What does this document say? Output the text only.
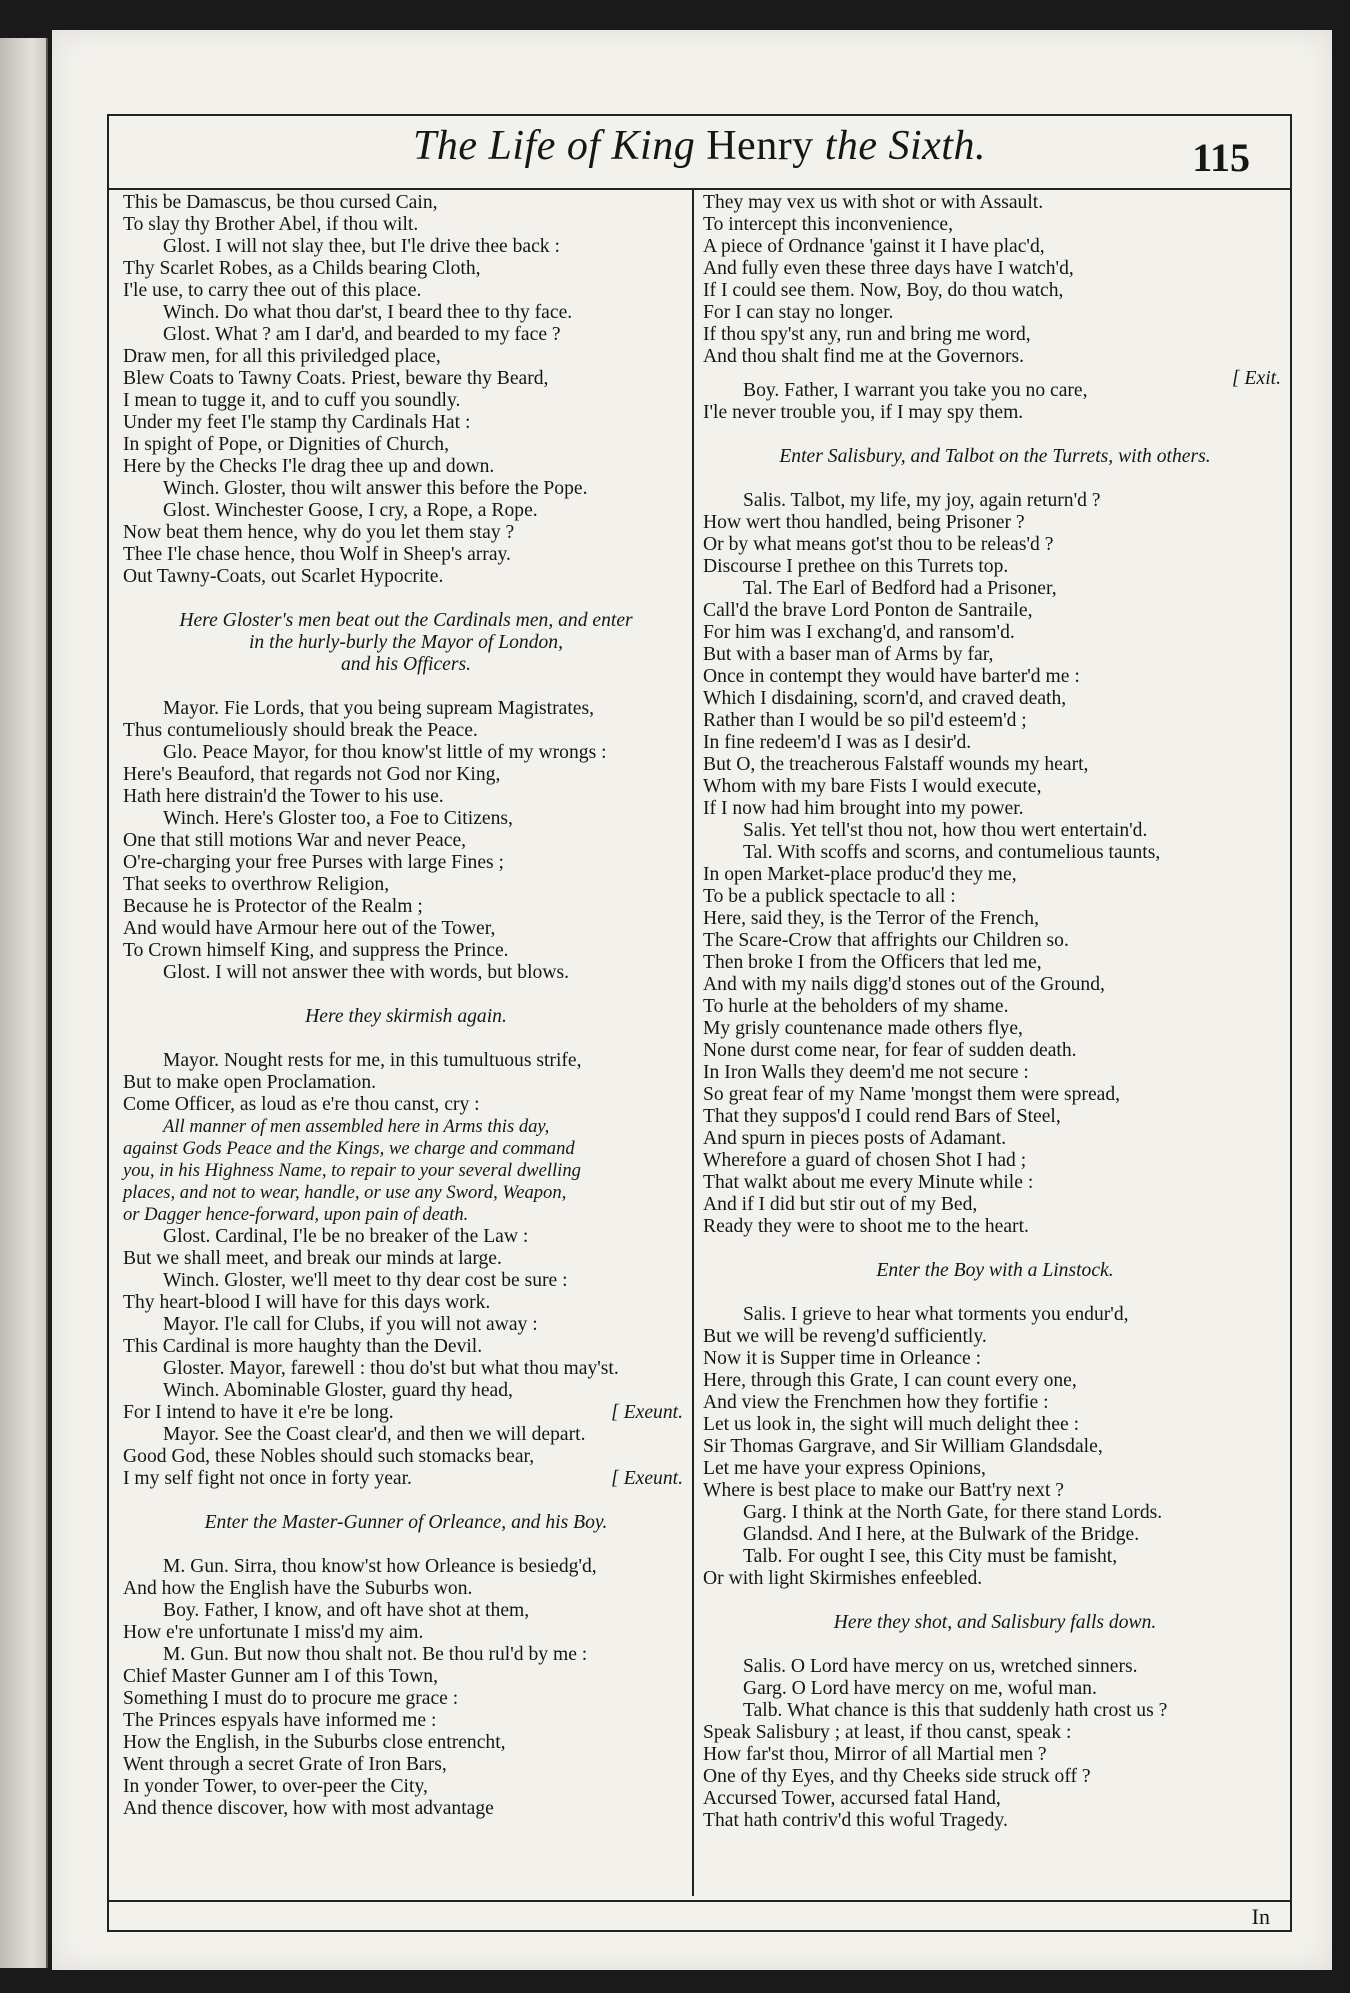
The Life of King Henry the Sixth.	115
This be Damascus, be thou cursed Cain,
To slay thy Brother Abel, if thou wilt.
Glost. I will not slay thee, but I'le drive thee back :
Thy Scarlet Robes, as a Childs bearing Cloth,
I'le use, to carry thee out of this place.
Winch. Do what thou dar'st, I beard thee to thy face.
Glost. What ? am I dar'd, and bearded to my face ?
Draw men, for all this priviledged place,
Blew Coats to Tawny Coats. Priest, beware thy Beard,
I mean to tugge it, and to cuff you soundly.
Under my feet I'le stamp thy Cardinals Hat :
In spight of Pope, or Dignities of Church,
Here by the Checks I'le drag thee up and down.
Winch. Gloster, thou wilt answer this before the Pope.
Glost. Winchester Goose, I cry, a Rope, a Rope.
Now beat them hence, why do you let them stay ?
Thee I'le chase hence, thou Wolf in Sheep's array.
Out Tawny-Coats, out Scarlet Hypocrite.
Here Gloster's men beat out the Cardinals men, and enter
in the hurly-burly the Mayor of London,
and his Officers.
Mayor. Fie Lords, that you being supream Magistrates,
Thus contumeliously should break the Peace.
Glo. Peace Mayor, for thou know'st little of my wrongs :
Here's Beauford, that regards not God nor King,
Hath here distrain'd the Tower to his use.
Winch. Here's Gloster too, a Foe to Citizens,
One that still motions War and never Peace,
O're-charging your free Purses with large Fines ;
That seeks to overthrow Religion,
Because he is Protector of the Realm ;
And would have Armour here out of the Tower,
To Crown himself King, and suppress the Prince.
Glost. I will not answer thee with words, but blows.
Here they skirmish again.
Mayor. Nought rests for me, in this tumultuous strife,
But to make open Proclamation.
Come Officer, as loud as e're thou canst, cry :
All manner of men assembled here in Arms this day,
against Gods Peace and the Kings, we charge and command
you, in his Highness Name, to repair to your several dwelling
places, and not to wear, handle, or use any Sword, Weapon,
or Dagger hence-forward, upon pain of death.
Glost. Cardinal, I'le be no breaker of the Law :
But we shall meet, and break our minds at large.
Winch. Gloster, we'll meet to thy dear cost be sure :
Thy heart-blood I will have for this days work.
Mayor. I'le call for Clubs, if you will not away :
This Cardinal is more haughty than the Devil.
Gloster. Mayor, farewell : thou do'st but what thou may'st.
Winch. Abominable Gloster, guard thy head,
For I intend to have it e're be long.	[ Exeunt.
Mayor. See the Coast clear'd, and then we will depart.
Good God, these Nobles should such stomacks bear,
I my self fight not once in forty year.	[ Exeunt.
Enter the Master-Gunner of Orleance, and his Boy.
M. Gun. Sirra, thou know'st how Orleance is besiedg'd,
And how the English have the Suburbs won.
Boy. Father, I know, and oft have shot at them,
How e're unfortunate I miss'd my aim.
M. Gun. But now thou shalt not. Be thou rul'd by me :
Chief Master Gunner am I of this Town,
Something I must do to procure me grace :
The Princes espyals have informed me :
How the English, in the Suburbs close entrencht,
Went through a secret Grate of Iron Bars,
In yonder Tower, to over-peer the City,
And thence discover, how with most advantage
They may vex us with shot or with Assault.
To intercept this inconvenience,
A piece of Ordnance 'gainst it I have plac'd,
And fully even these three days have I watch'd,
If I could see them. Now, Boy, do thou watch,
For I can stay no longer.
If thou spy'st any, run and bring me word,
And thou shalt find me at the Governors.
[ Exit.
Boy. Father, I warrant you take you no care,
I'le never trouble you, if I may spy them.
Enter Salisbury, and Talbot on the Turrets, with others.
Salis. Talbot, my life, my joy, again return'd ?
How wert thou handled, being Prisoner ?
Or by what means got'st thou to be releas'd ?
Discourse I prethee on this Turrets top.
Tal. The Earl of Bedford had a Prisoner,
Call'd the brave Lord Ponton de Santraile,
For him was I exchang'd, and ransom'd.
But with a baser man of Arms by far,
Once in contempt they would have barter'd me :
Which I disdaining, scorn'd, and craved death,
Rather than I would be so pil'd esteem'd ;
In fine redeem'd I was as I desir'd.
But O, the treacherous Falstaff wounds my heart,
Whom with my bare Fists I would execute,
If I now had him brought into my power.
Salis. Yet tell'st thou not, how thou wert entertain'd.
Tal. With scoffs and scorns, and contumelious taunts,
In open Market-place produc'd they me,
To be a publick spectacle to all :
Here, said they, is the Terror of the French,
The Scare-Crow that affrights our Children so.
Then broke I from the Officers that led me,
And with my nails digg'd stones out of the Ground,
To hurle at the beholders of my shame.
My grisly countenance made others flye,
None durst come near, for fear of sudden death.
In Iron Walls they deem'd me not secure :
So great fear of my Name 'mongst them were spread,
That they suppos'd I could rend Bars of Steel,
And spurn in pieces posts of Adamant.
Wherefore a guard of chosen Shot I had ;
That walkt about me every Minute while :
And if I did but stir out of my Bed,
Ready they were to shoot me to the heart.
Enter the Boy with a Linstock.
Salis. I grieve to hear what torments you endur'd,
But we will be reveng'd sufficiently.
Now it is Supper time in Orleance :
Here, through this Grate, I can count every one,
And view the Frenchmen how they fortifie :
Let us look in, the sight will much delight thee :
Sir Thomas Gargrave, and Sir William Glandsdale,
Let me have your express Opinions,
Where is best place to make our Batt'ry next ?
Garg. I think at the North Gate, for there stand Lords.
Glandsd. And I here, at the Bulwark of the Bridge.
Talb. For ought I see, this City must be famisht,
Or with light Skirmishes enfeebled.
Here they shot, and Salisbury falls down.
Salis. O Lord have mercy on us, wretched sinners.
Garg. O Lord have mercy on me, woful man.
Talb. What chance is this that suddenly hath crost us ?
Speak Salisbury ; at least, if thou canst, speak :
How far'st thou, Mirror of all Martial men ?
One of thy Eyes, and thy Cheeks side struck off ?
Accursed Tower, accursed fatal Hand,
That hath contriv'd this woful Tragedy.
In
